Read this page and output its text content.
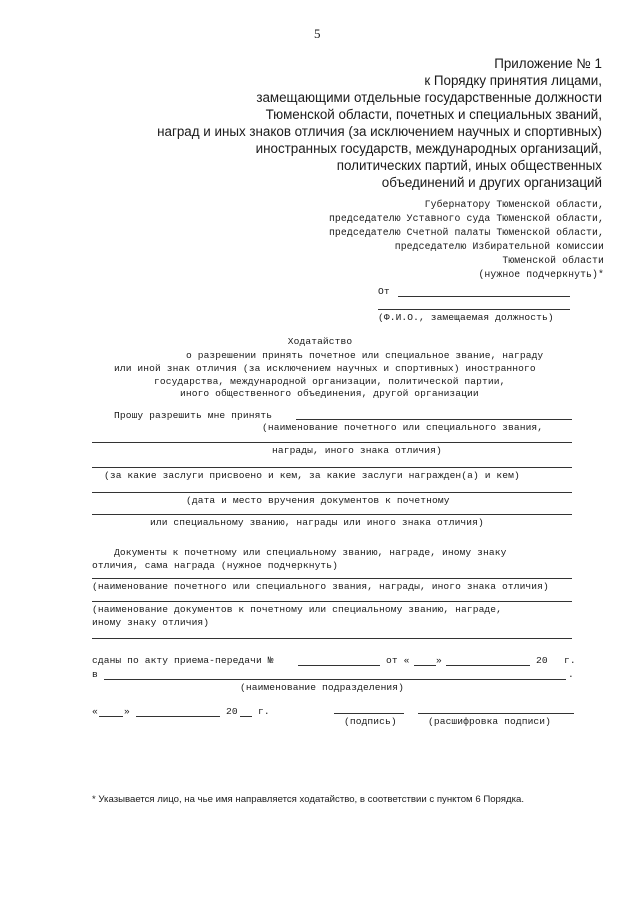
5
Приложение № 1
к Порядку принятия лицами,
замещающими отдельные государственные должности
Тюменской области, почетных и специальных званий,
наград и иных знаков отличия (за исключением научных и спортивных)
иностранных государств, международных организаций,
политических партий, иных общественных
объединений и других организаций
Губернатору Тюменской области,
председателю Уставного суда Тюменской области,
председателю Счетной палаты Тюменской области,
председателю Избирательной комиссии
Тюменской области
(нужное подчеркнуть)*
От
(Ф.И.О., замещаемая должность)
Ходатайство
о разрешении принять почетное или специальное звание, награду
или иной знак отличия (за исключением научных и спортивных) иностранного
государства, международной организации, политической партии,
иного общественного объединения, другой организации
Прошу разрешить мне принять
(наименование почетного или специального звания,
награды, иного знака отличия)
(за какие заслуги присвоено и кем, за какие заслуги награжден(а) и кем)
(дата и место вручения документов к почетному
или специальному званию, награды или иного знака отличия)
Документы к почетному или специальному званию, награде, иному знаку
отличия, сама награда (нужное подчеркнуть)
(наименование почетного или специального звания, награды, иного знака отличия)
(наименование документов к почетному или специальному званию, награде,
иному знаку отличия)
сданы по акту приема-передачи №	от «	»	20 г.
в	.
(наименование подразделения)
«	»	20 г.
(подпись)	(расшифровка подписи)
* Указывается лицо, на чье имя направляется ходатайство, в соответствии с пунктом 6 Порядка.
